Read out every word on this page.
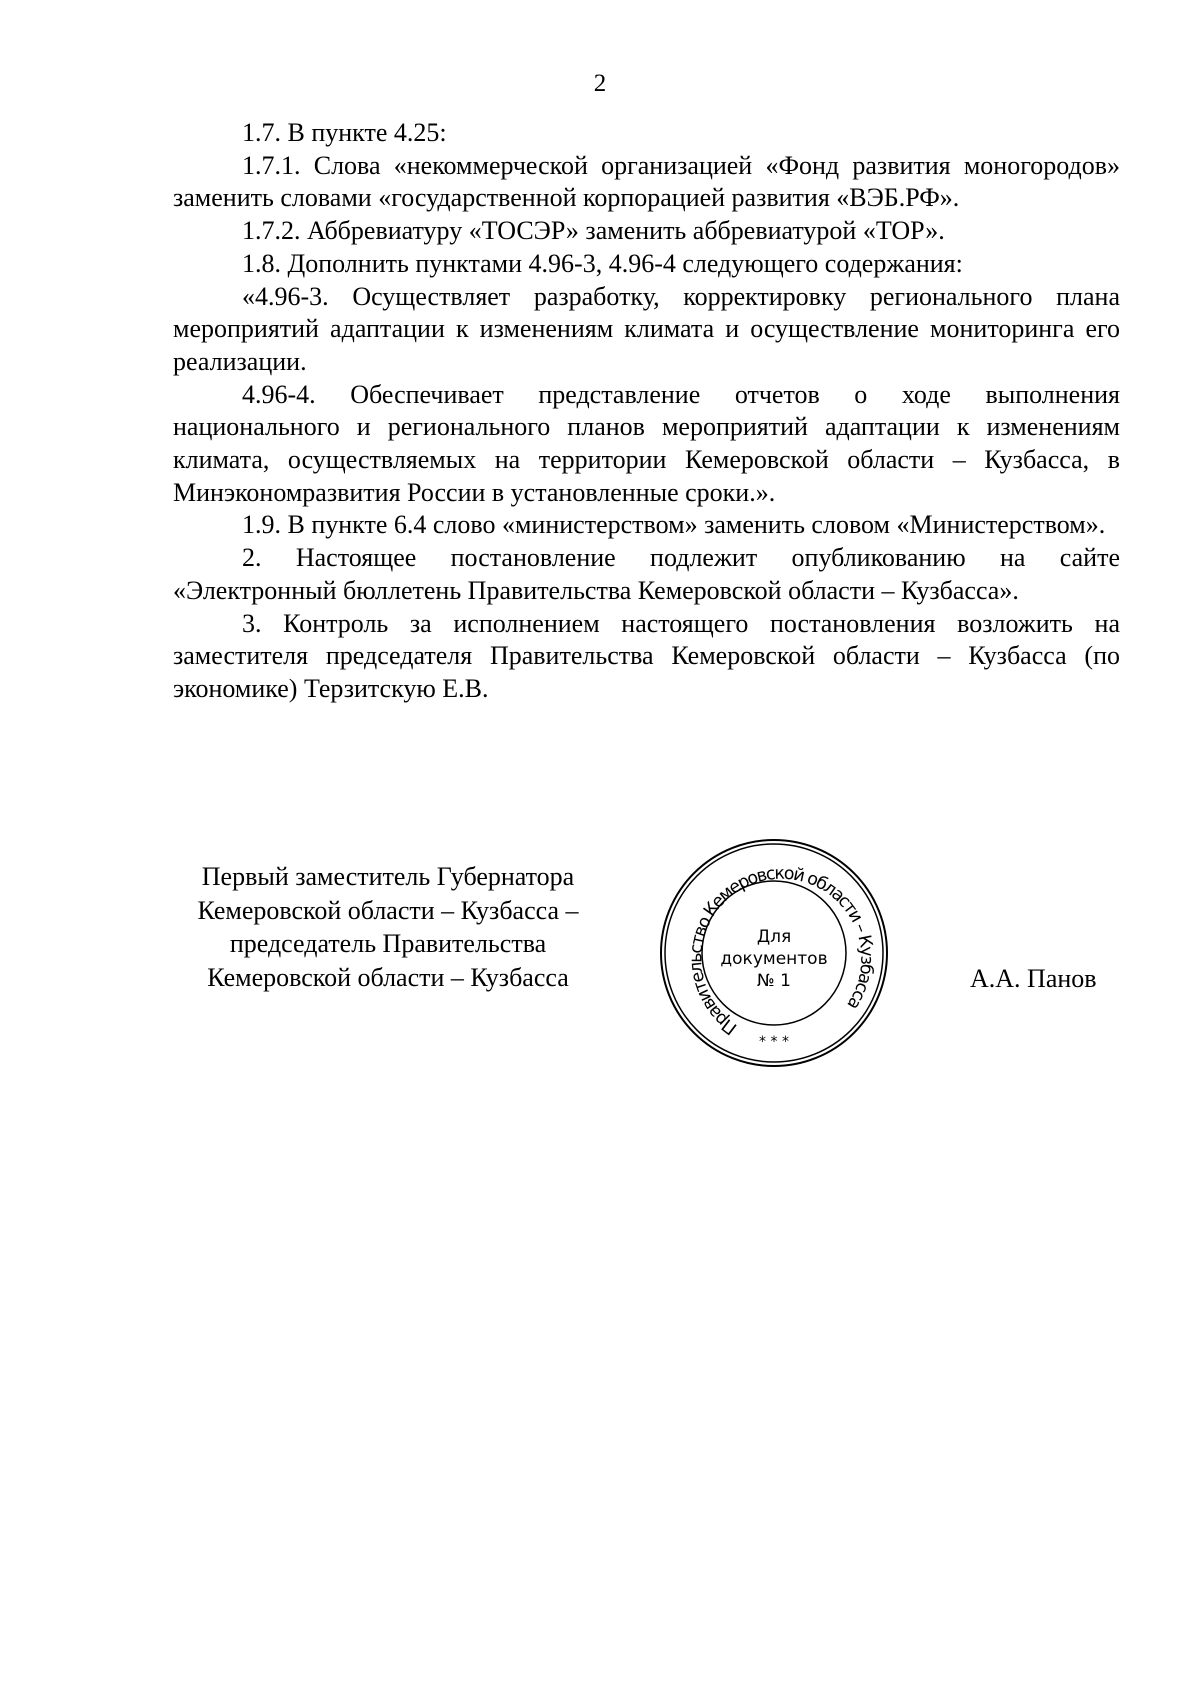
2

1.7. В пункте 4.25:

1.7.1. Слова «некоммерческой организацией «Фонд развития моногородов» заменить словами «государственной корпорацией развития «ВЭБ.РФ».

1.7.2. Аббревиатуру «ТОСЭР» заменить аббревиатурой «ТОР».

1.8. Дополнить пунктами 4.96-3, 4.96-4 следующего содержания:

«4.96-3. Осуществляет разработку, корректировку регионального плана мероприятий адаптации к изменениям климата и осуществление мониторинга его реализации.

4.96-4. Обеспечивает представление отчетов о ходе выполнения национального и регионального планов мероприятий адаптации к изменениям климата, осуществляемых на территории Кемеровской области – Кузбасса, в Минэкономразвития России в установленные сроки.».

1.9. В пункте 6.4 слово «министерством» заменить словом «Министерством».

2. Настоящее постановление подлежит опубликованию на сайте «Электронный бюллетень Правительства Кемеровской области – Кузбасса».

3. Контроль за исполнением настоящего постановления возложить на заместителя председателя Правительства Кемеровской области – Кузбасса (по экономике) Терзитскую Е.В.

Первый заместитель Губернатора
Кемеровской области – Кузбасса –
председатель Правительства
Кемеровской области – Кузбасса
Правительство Кемеровской области – Кузбасса
Для
документов
№ 1
* * *
А.А. Панов
